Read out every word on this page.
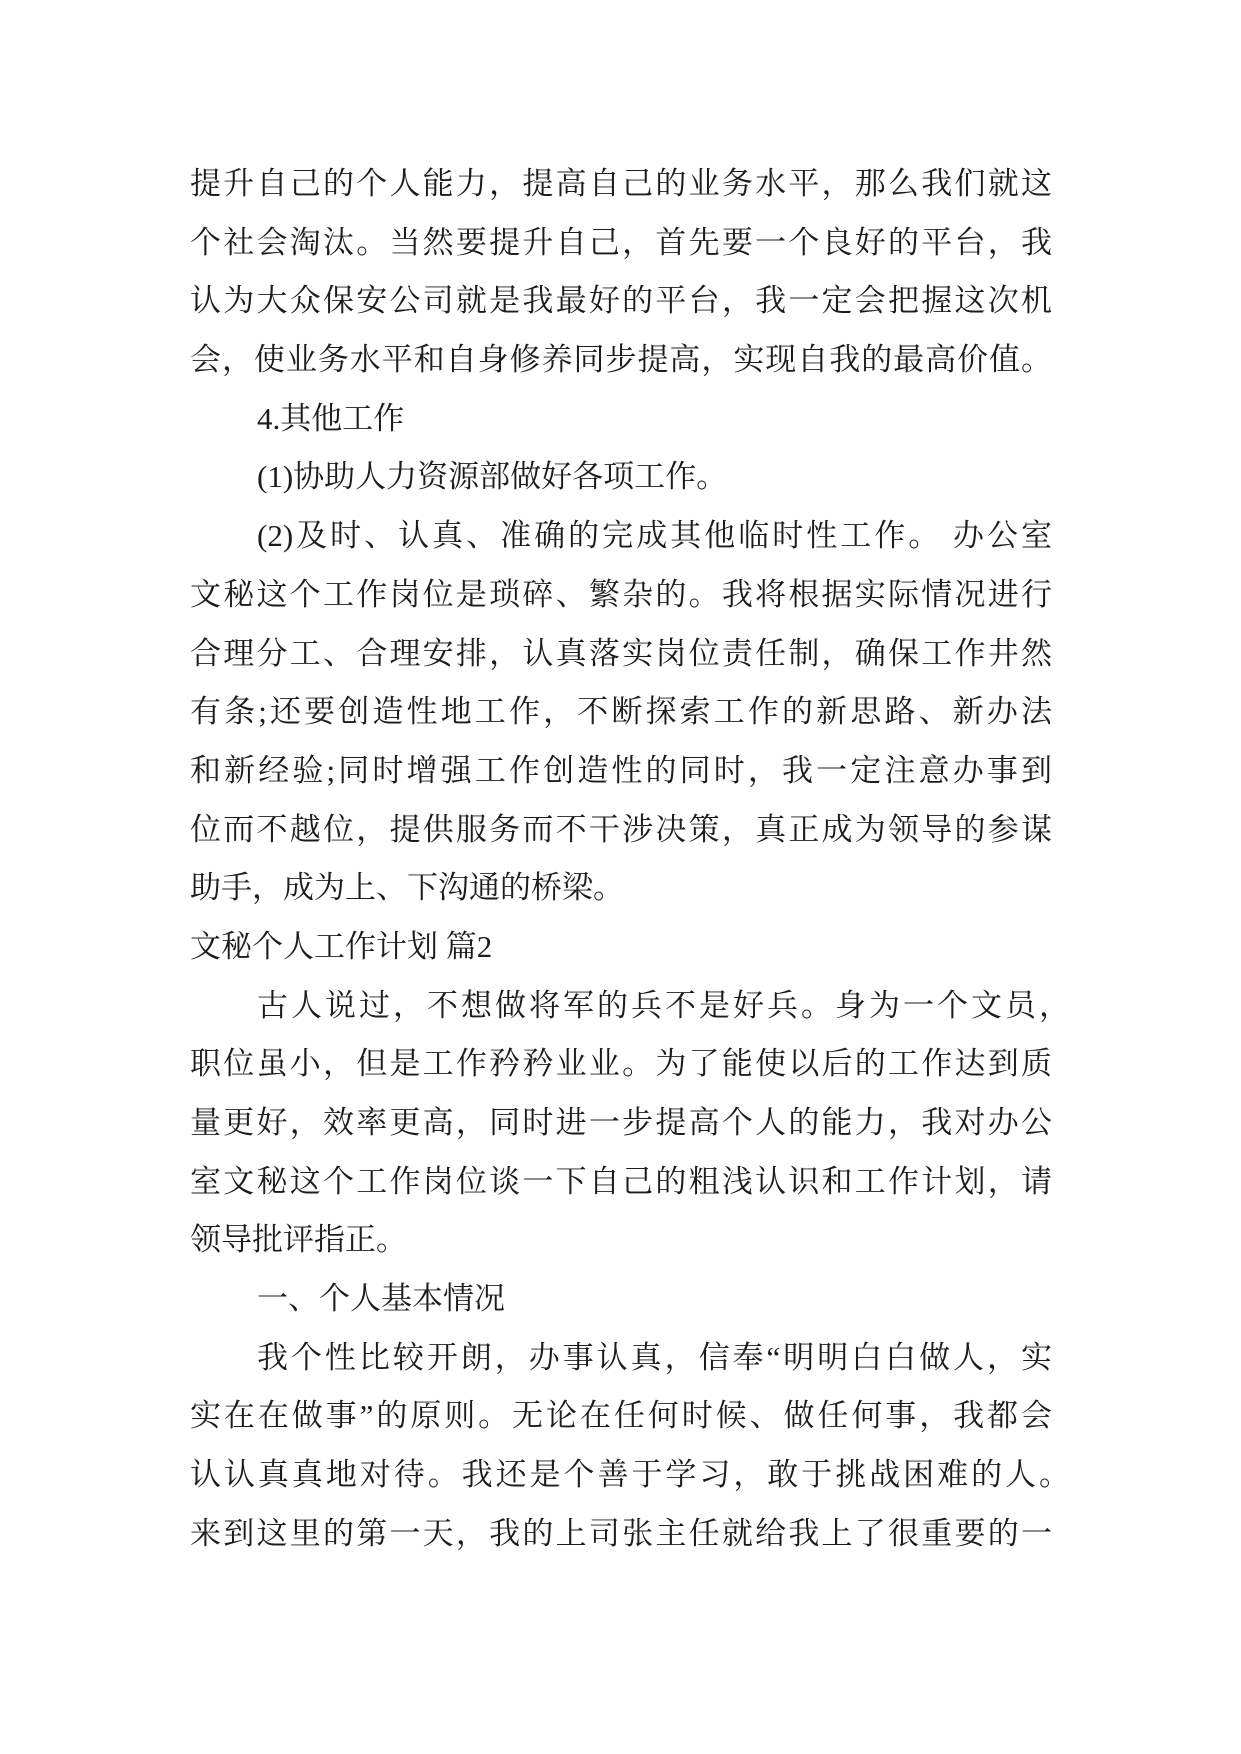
提升自己的个人能力，提高自己的业务水平，那么我们就这
个社会淘汰。当然要提升自己，首先要一个良好的平台，我
认为大众保安公司就是我最好的平台，我一定会把握这次机
会，使业务水平和自身修养同步提高，实现自我的最高价值。
4.其他工作
(1)协助人力资源部做好各项工作。
(2)及时、认真、准确的完成其他临时性工作。 办公室
文秘这个工作岗位是琐碎、繁杂的。我将根据实际情况进行
合理分工、合理安排，认真落实岗位责任制，确保工作井然
有条;还要创造性地工作，不断探索工作的新思路、新办法
和新经验;同时增强工作创造性的同时，我一定注意办事到
位而不越位，提供服务而不干涉决策，真正成为领导的参谋
助手，成为上、下沟通的桥梁。
文秘个人工作计划 篇2
古人说过，不想做将军的兵不是好兵。身为一个文员，
职位虽小，但是工作矜矜业业。为了能使以后的工作达到质
量更好，效率更高，同时进一步提高个人的能力，我对办公
室文秘这个工作岗位谈一下自己的粗浅认识和工作计划，请
领导批评指正。
一、个人基本情况
我个性比较开朗，办事认真，信奉“明明白白做人，实
实在在做事”的原则。无论在任何时候、做任何事，我都会
认认真真地对待。我还是个善于学习，敢于挑战困难的人。
来到这里的第一天，我的上司张主任就给我上了很重要的一
